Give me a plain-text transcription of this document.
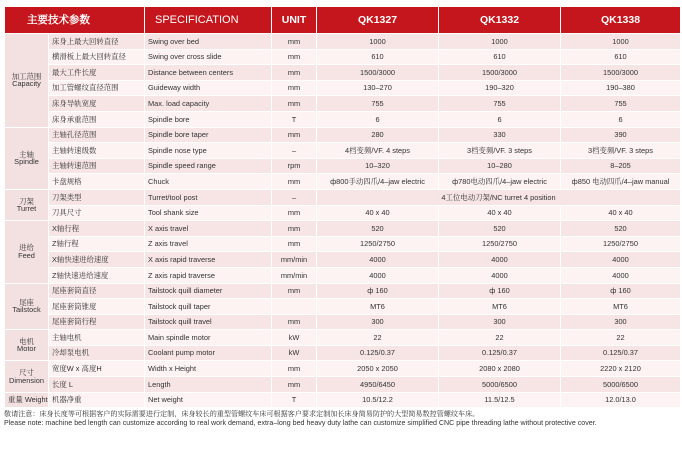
主要技术参数		SPECIFICATION	UNIT	QK1327	QK1332	QK1338

加工范围
Capacity	床身上最大回转直径	Swing over bed	mm	1000	1000	1000
	横滑板上最大回转直径	Swing over cross slide	mm	610	610	610
	最大工件长度	Distance between centers	mm	1500/3000	1500/3000	1500/3000
	加工管螺纹直径范围	Guideway width	mm	130–270	190–320	190–380
	床身导轨宽度	Max. load capacity	mm	755	755	755
	床身承重范围	Spindle bore	T	6	6	6

主轴
Spindle	主轴孔径范围	Spindle bore taper	mm	280	330	390
	主轴转速级数	Spindle nose type	–	4档变频/VF. 4 steps	3档变频/VF. 3 steps	3档变频/VF. 3 steps
	主轴转速范围	Spindle speed range	rpm	10–320	10–280	8–205
	卡盘规格	Chuck	mm	ф800手动四爪/4–jaw electric	ф780电动四爪/4–jaw electric	ф850 电动四爪/4–jaw manual

刀架
Turret	刀架类型	Turret/tool post	–	4工位电动刀架/NC turret 4 position		
	刀具尺寸	Tool shank size	mm	40 x 40	40 x 40	40 x 40

进给
Feed	X轴行程	X axis travel	mm	520	520	520
	Z轴行程	Z axis travel	mm	1250/2750	1250/2750	1250/2750
	X轴快速进给速度	X axis rapid traverse	mm/min	4000	4000	4000
	Z轴快速进给速度	Z axis rapid traverse	mm/min	4000	4000	4000

尾座
Tailstock	尾座套筒直径	Tailstock quill diameter	mm	ф 160	ф 160	ф 160
	尾座套筒锥度	Tailstock quill taper		MT6	MT6	MT6
	尾座套筒行程	Tailstock quill travel	mm	300	300	300

电机
Motor	主轴电机	Main spindle motor	kW	22	22	22
	冷却泵电机	Coolant pump motor	kW	0.125/0.37	0.125/0.37	0.125/0.37

尺寸
Dimension	宽度W x 高度H	Width x Height	mm	2050 x 2050	2080 x 2080	2220 x 2120
	长度 L	Length	mm	4950/6450	5000/6500	5000/6500

重量 Weight	机器净重	Net weight	T	10.5/12.2	11.5/12.5	12.0/13.0
敬请注意：床身长度等可根据客户的实际需要进行定制，床身较长的重型管螺纹车床可根据客户要求定制加长床身简易防护的大型简易数控管螺纹车床。
Please note: machine bed length can customize according to real work demand, extra–long bed heavy duty lathe can customize simplified CNC pipe threading lathe without protective cover.
